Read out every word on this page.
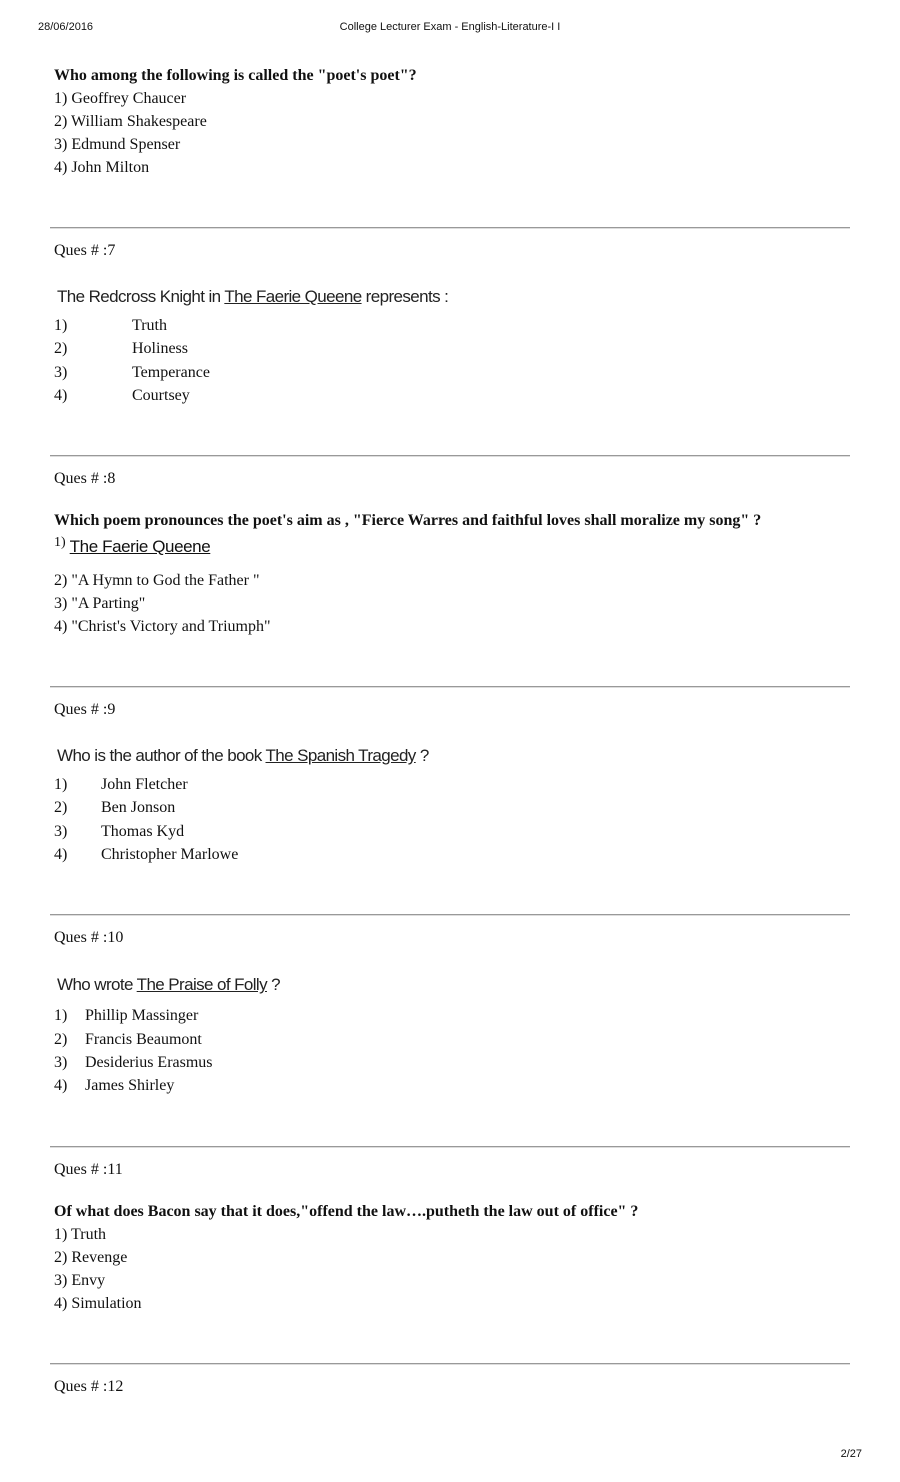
28/06/2016	College Lecturer Exam - English-Literature-I I
Who among the following is called the "poet's poet"?
1) Geoffrey Chaucer
2) William Shakespeare
3) Edmund Spenser
4) John Milton
Ques # :7
The Redcross Knight in The Faerie Queene represents :
1)	Truth
2)	Holiness
3)	Temperance
4)	Courtsey
Ques # :8
Which poem pronounces the poet's aim as , "Fierce Warres and faithful loves shall moralize my song" ?
$^{1)}$ The Faerie Queene
2) "A Hymn to God the Father "
3) "A Parting"
4) "Christ's Victory and Triumph"
Ques # :9
Who is the author of the book The Spanish Tragedy ?
1)	John Fletcher
2)	Ben Jonson
3)	Thomas Kyd
4)	Christopher Marlowe
Ques # :10
Who wrote The Praise of Folly ?
1)	Phillip Massinger
2)	Francis Beaumont
3)	Desiderius Erasmus
4)	James Shirley
Ques # :11
Of what does Bacon say that it does,"offend the law….putheth the law out of office" ?
1) Truth
2) Revenge
3) Envy
4) Simulation
Ques # :12
2/27
